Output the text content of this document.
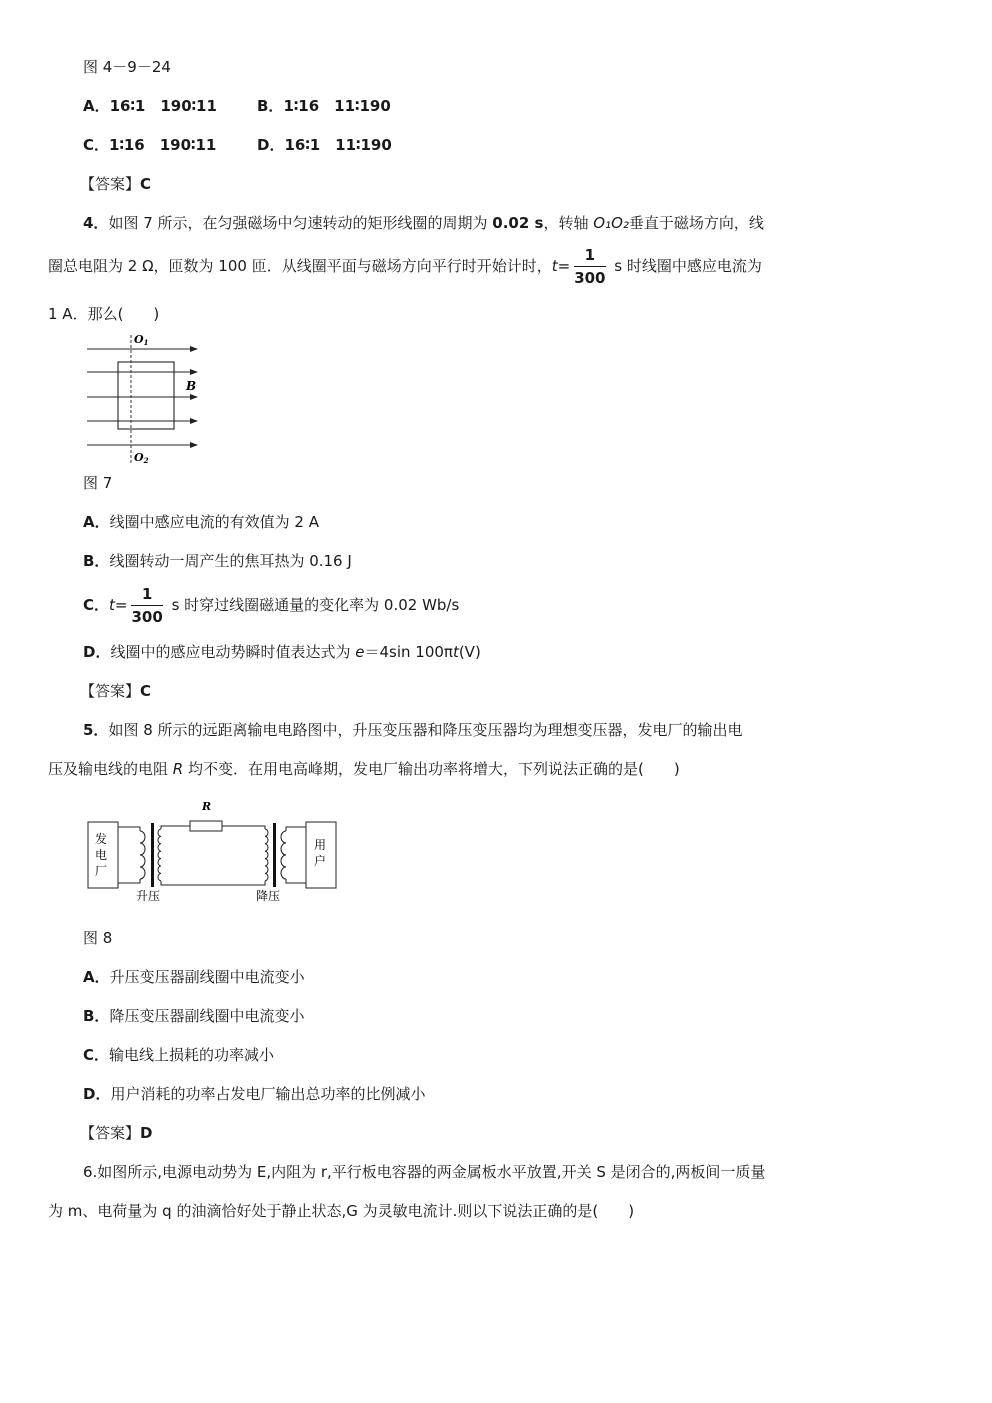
图 4－9－24
A．16∶1　190∶11	B．1∶16　11∶190
C．1∶16　190∶11	D．16∶1　11∶190
【答案】C
4．如图 7 所示，在匀强磁场中匀速转动的矩形线圈的周期为 0.02 s，转轴 O₁O₂垂直于磁场方向，线
圈总电阻为 2 Ω，匝数为 100 匝．从线圈平面与磁场方向平行时开始计时，$t= \frac{1}{300}$ s 时线圈中感应电流为
1 A．那么(　　)
O1
O2
B
图 7
A．线圈中感应电流的有效值为 2 A
B．线圈转动一周产生的焦耳热为 0.16 J
C．$t= \frac{1}{300}$ s 时穿过线圈磁通量的变化率为 0.02 Wb/s
D．线圈中的感应电动势瞬时值表达式为 e＝4sin 100πt(V)
【答案】C
5．如图 8 所示的远距离输电电路图中，升压变压器和降压变压器均为理想变压器，发电厂的输出电
压及输电线的电阻 R 均不变．在用电高峰期，发电厂输出功率将增大，下列说法正确的是(　　)
R
发
电
厂
用
户
升压	降压
图 8
A．升压变压器副线圈中电流变小
B．降压变压器副线圈中电流变小
C．输电线上损耗的功率减小
D．用户消耗的功率占发电厂输出总功率的比例减小
【答案】D
6.如图所示,电源电动势为 E,内阻为 r,平行板电容器的两金属板水平放置,开关 S 是闭合的,两板间一质量
为 m、电荷量为 q 的油滴恰好处于静止状态,G 为灵敏电流计.则以下说法正确的是(　　)
